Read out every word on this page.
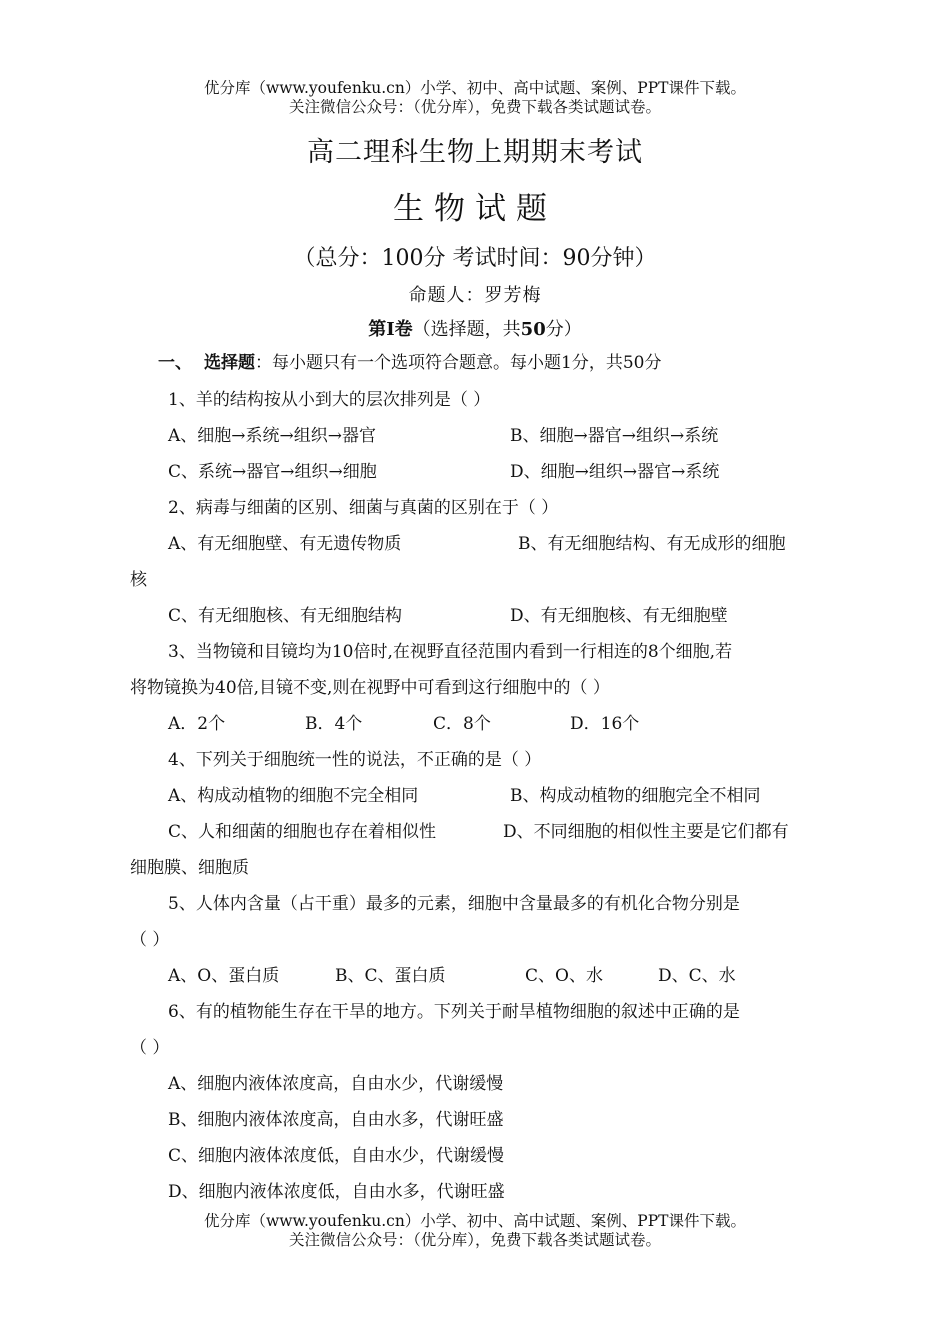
优分库（www.youfenku.cn）小学、初中、高中试题、案例、PPT课件下载。
关注微信公众号：（优分库），免费下载各类试题试卷。
高二理科生物上期期末考试
生物试题
（总分：100分 考试时间：90分钟）
命题人：罗芳梅
第Ⅰ卷（选择题，共50分）
一、 选择题：每小题只有一个选项符合题意。每小题1分，共50分
1、羊的结构按从小到大的层次排列是（ ）
A、细胞→系统→组织→器官	B、细胞→器官→组织→系统
C、系统→器官→组织→细胞	D、细胞→组织→器官→系统
2、病毒与细菌的区别、细菌与真菌的区别在于（ ）
A、有无细胞壁、有无遗传物质	B、有无细胞结构、有无成形的细胞
核
C、有无细胞核、有无细胞结构	D、有无细胞核、有无细胞壁
3、当物镜和目镜均为10倍时,在视野直径范围内看到一行相连的8个细胞,若
将物镜换为40倍,目镜不变,则在视野中可看到这行细胞中的（ ）
A．2个	B．4个	C．8个	D．16个
4、下列关于细胞统一性的说法，不正确的是（ ）
A、构成动植物的细胞不完全相同	B、构成动植物的细胞完全不相同
C、人和细菌的细胞也存在着相似性	D、不同细胞的相似性主要是它们都有
细胞膜、细胞质
5、人体内含量（占干重）最多的元素，细胞中含量最多的有机化合物分别是
（ ）
A、O、蛋白质	B、C、蛋白质	C、O、水	D、C、水
6、有的植物能生存在干旱的地方。下列关于耐旱植物细胞的叙述中正确的是
（ ）
A、细胞内液体浓度高，自由水少，代谢缓慢
B、细胞内液体浓度高，自由水多，代谢旺盛
C、细胞内液体浓度低，自由水少，代谢缓慢
D、细胞内液体浓度低，自由水多，代谢旺盛
优分库（www.youfenku.cn）小学、初中、高中试题、案例、PPT课件下载。
关注微信公众号：（优分库），免费下载各类试题试卷。
